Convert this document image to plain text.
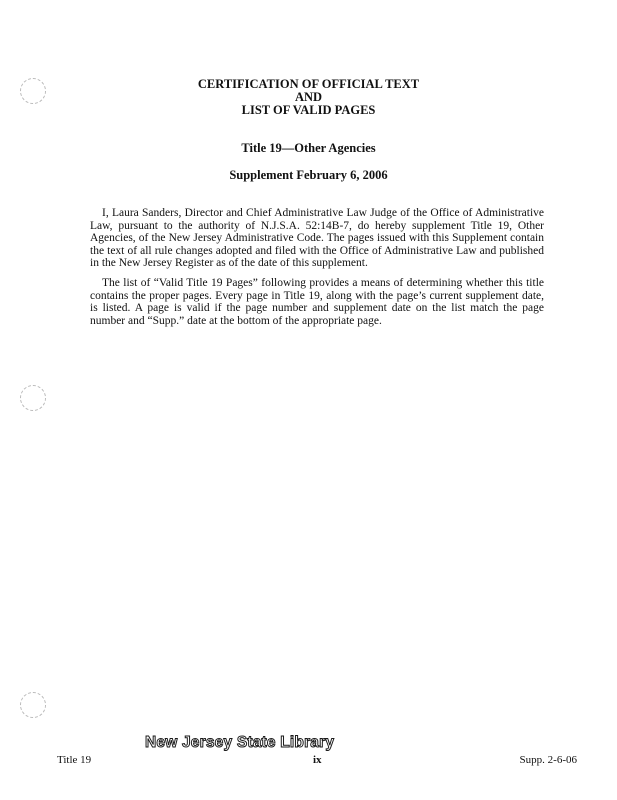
CERTIFICATION OF OFFICIAL TEXT
AND
LIST OF VALID PAGES
Title 19—Other Agencies
Supplement February 6, 2006

I, Laura Sanders, Director and Chief Administrative Law Judge of the Office of Administrative Law, pursuant to the authority of N.J.S.A. 52:14B-7, do hereby supplement Title 19, Other Agencies, of the New Jersey Administrative Code. The pages issued with this Supplement contain the text of all rule changes adopted and filed with the Office of Administrative Law and published in the New Jersey Register as of the date of this supplement.

The list of “Valid Title 19 Pages” following provides a means of determining whether this title contains the proper pages. Every page in Title 19, along with the page’s current supplement date, is listed. A page is valid if the page number and supplement date on the list match the page number and “Supp.” date at the bottom of the appropriate page.

Title 19
New Jersey State Library
ix	Supp. 2-6-06
